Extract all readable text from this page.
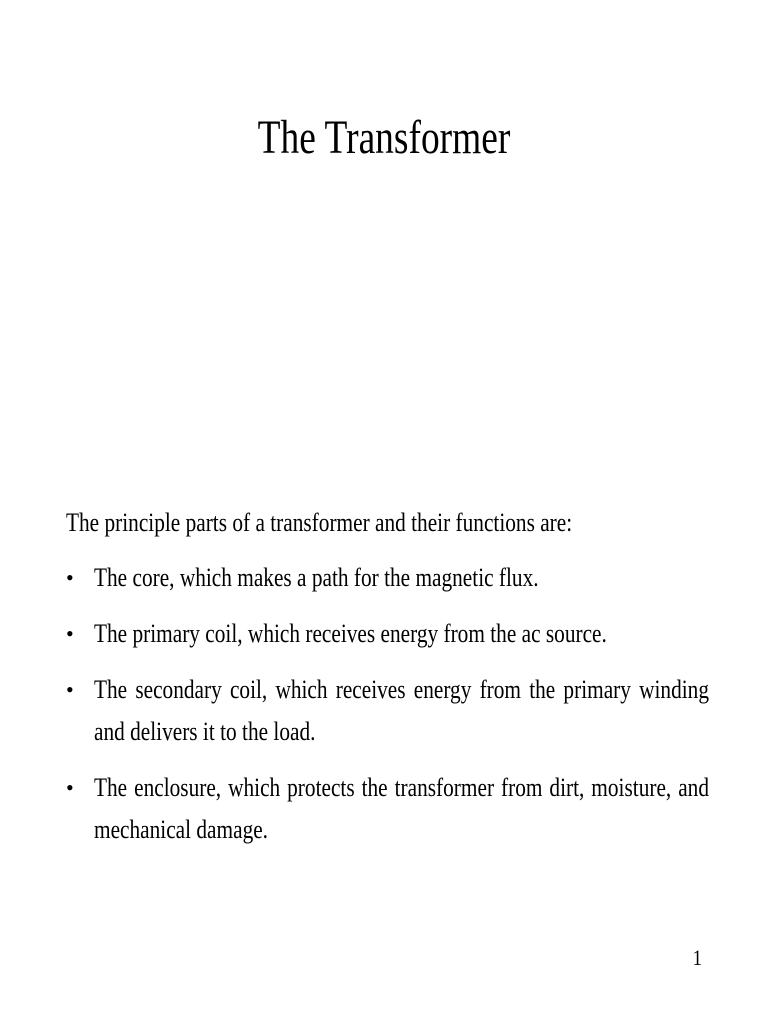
The Transformer
The principle parts of a transformer and their functions are:
• The core, which makes a path for the magnetic flux.
• The primary coil, which receives energy from the ac source.
• The secondary coil, which receives energy from the primary winding
and delivers it to the load.
• The enclosure, which protects the transformer from dirt, moisture, and
mechanical damage.
1
